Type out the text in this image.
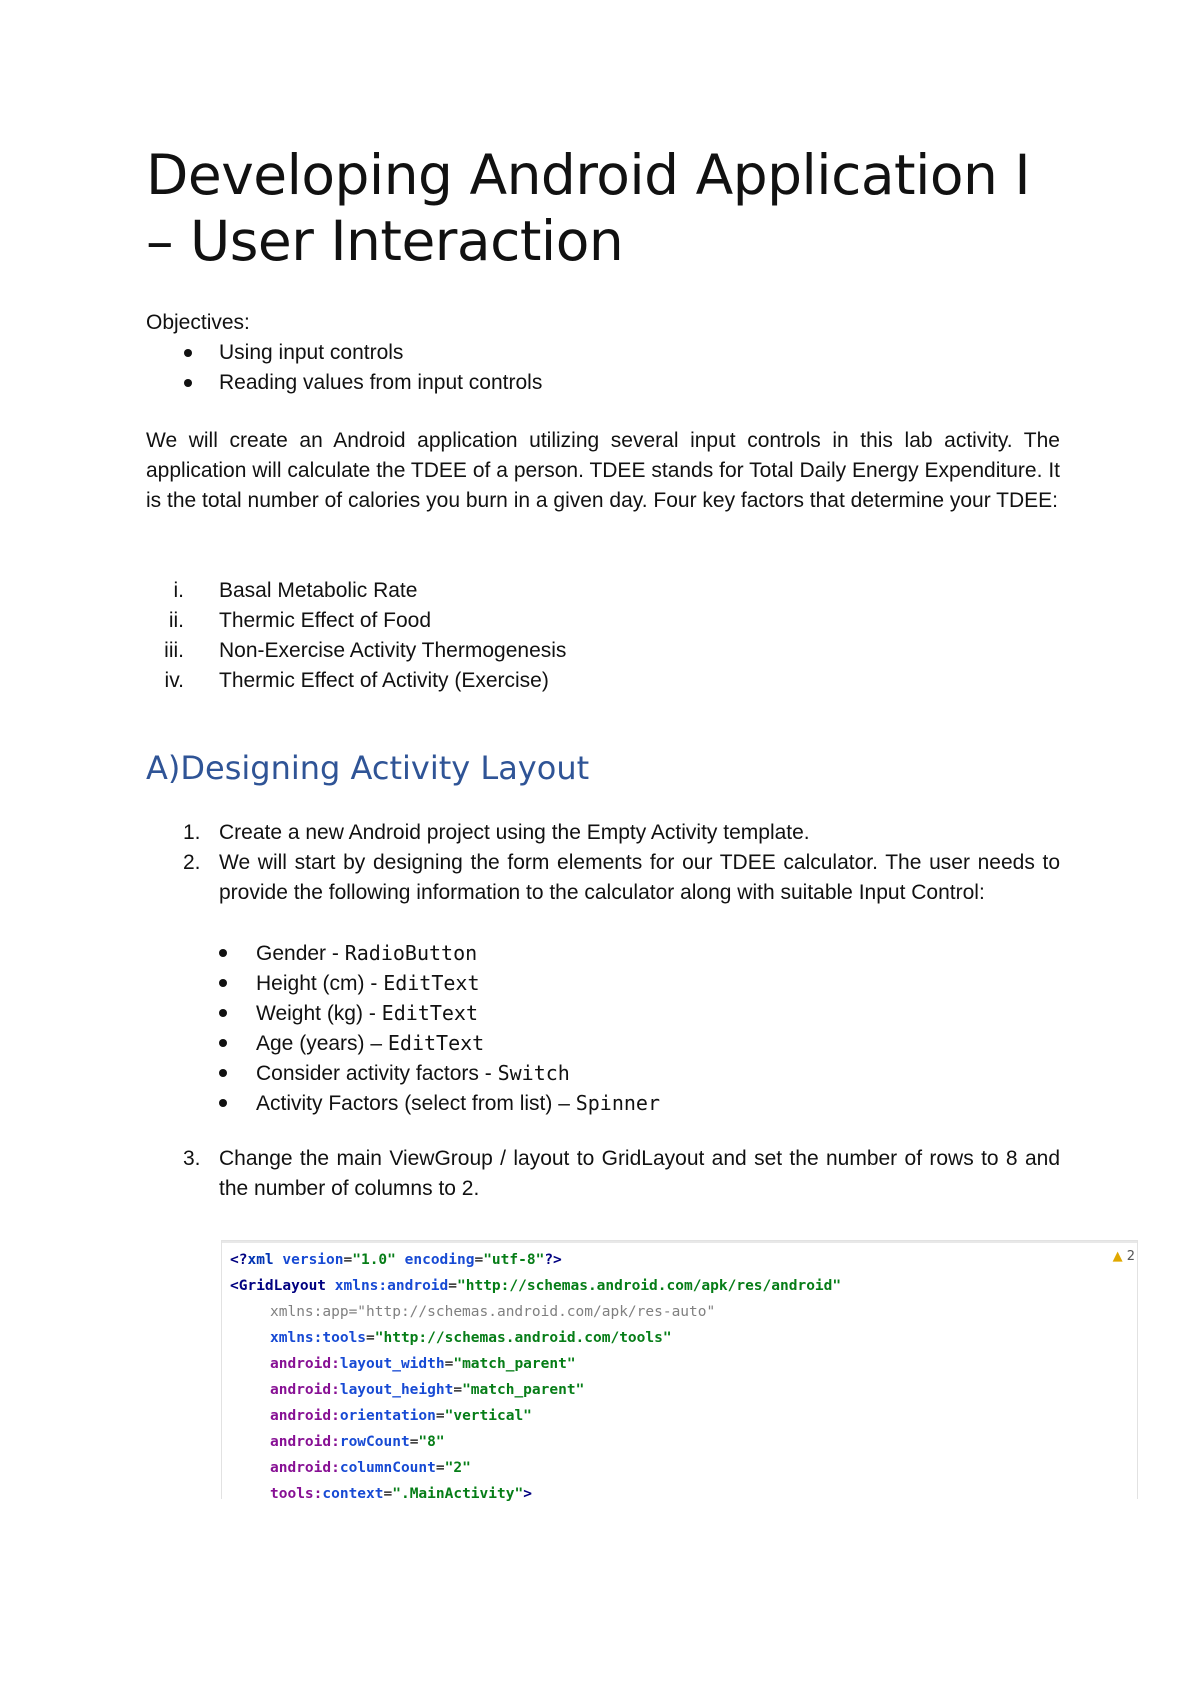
Developing Android Application I
– User Interaction
Objectives:
Using input controls
Reading values from input controls
We will create an Android application utilizing several input controls in this lab activity. The application will calculate the TDEE of a person. TDEE stands for Total Daily Energy Expenditure. It is the total number of calories you burn in a given day. Four key factors that determine your TDEE:
i. Basal Metabolic Rate
ii. Thermic Effect of Food
iii. Non-Exercise Activity Thermogenesis
iv. Thermic Effect of Activity (Exercise)
A)Designing Activity Layout
1. Create a new Android project using the Empty Activity template.
2. We will start by designing the form elements for our TDEE calculator. The user needs to provide the following information to the calculator along with suitable Input Control:
Gender - RadioButton
Height (cm) - EditText
Weight (kg) - EditText
Age (years) – EditText
Consider activity factors - Switch
Activity Factors (select from list) – Spinner
3. Change the main ViewGroup / layout to GridLayout and set the number of rows to 8 and the number of columns to 2.
▲ 2
<?xml version="1.0" encoding="utf-8"?>
<GridLayout xmlns:android="http://schemas.android.com/apk/res/android"
xmlns:app="http://schemas.android.com/apk/res-auto"
xmlns:tools="http://schemas.android.com/tools"
android:layout_width="match_parent"
android:layout_height="match_parent"
android:orientation="vertical"
android:rowCount="8"
android:columnCount="2"
tools:context=".MainActivity">
